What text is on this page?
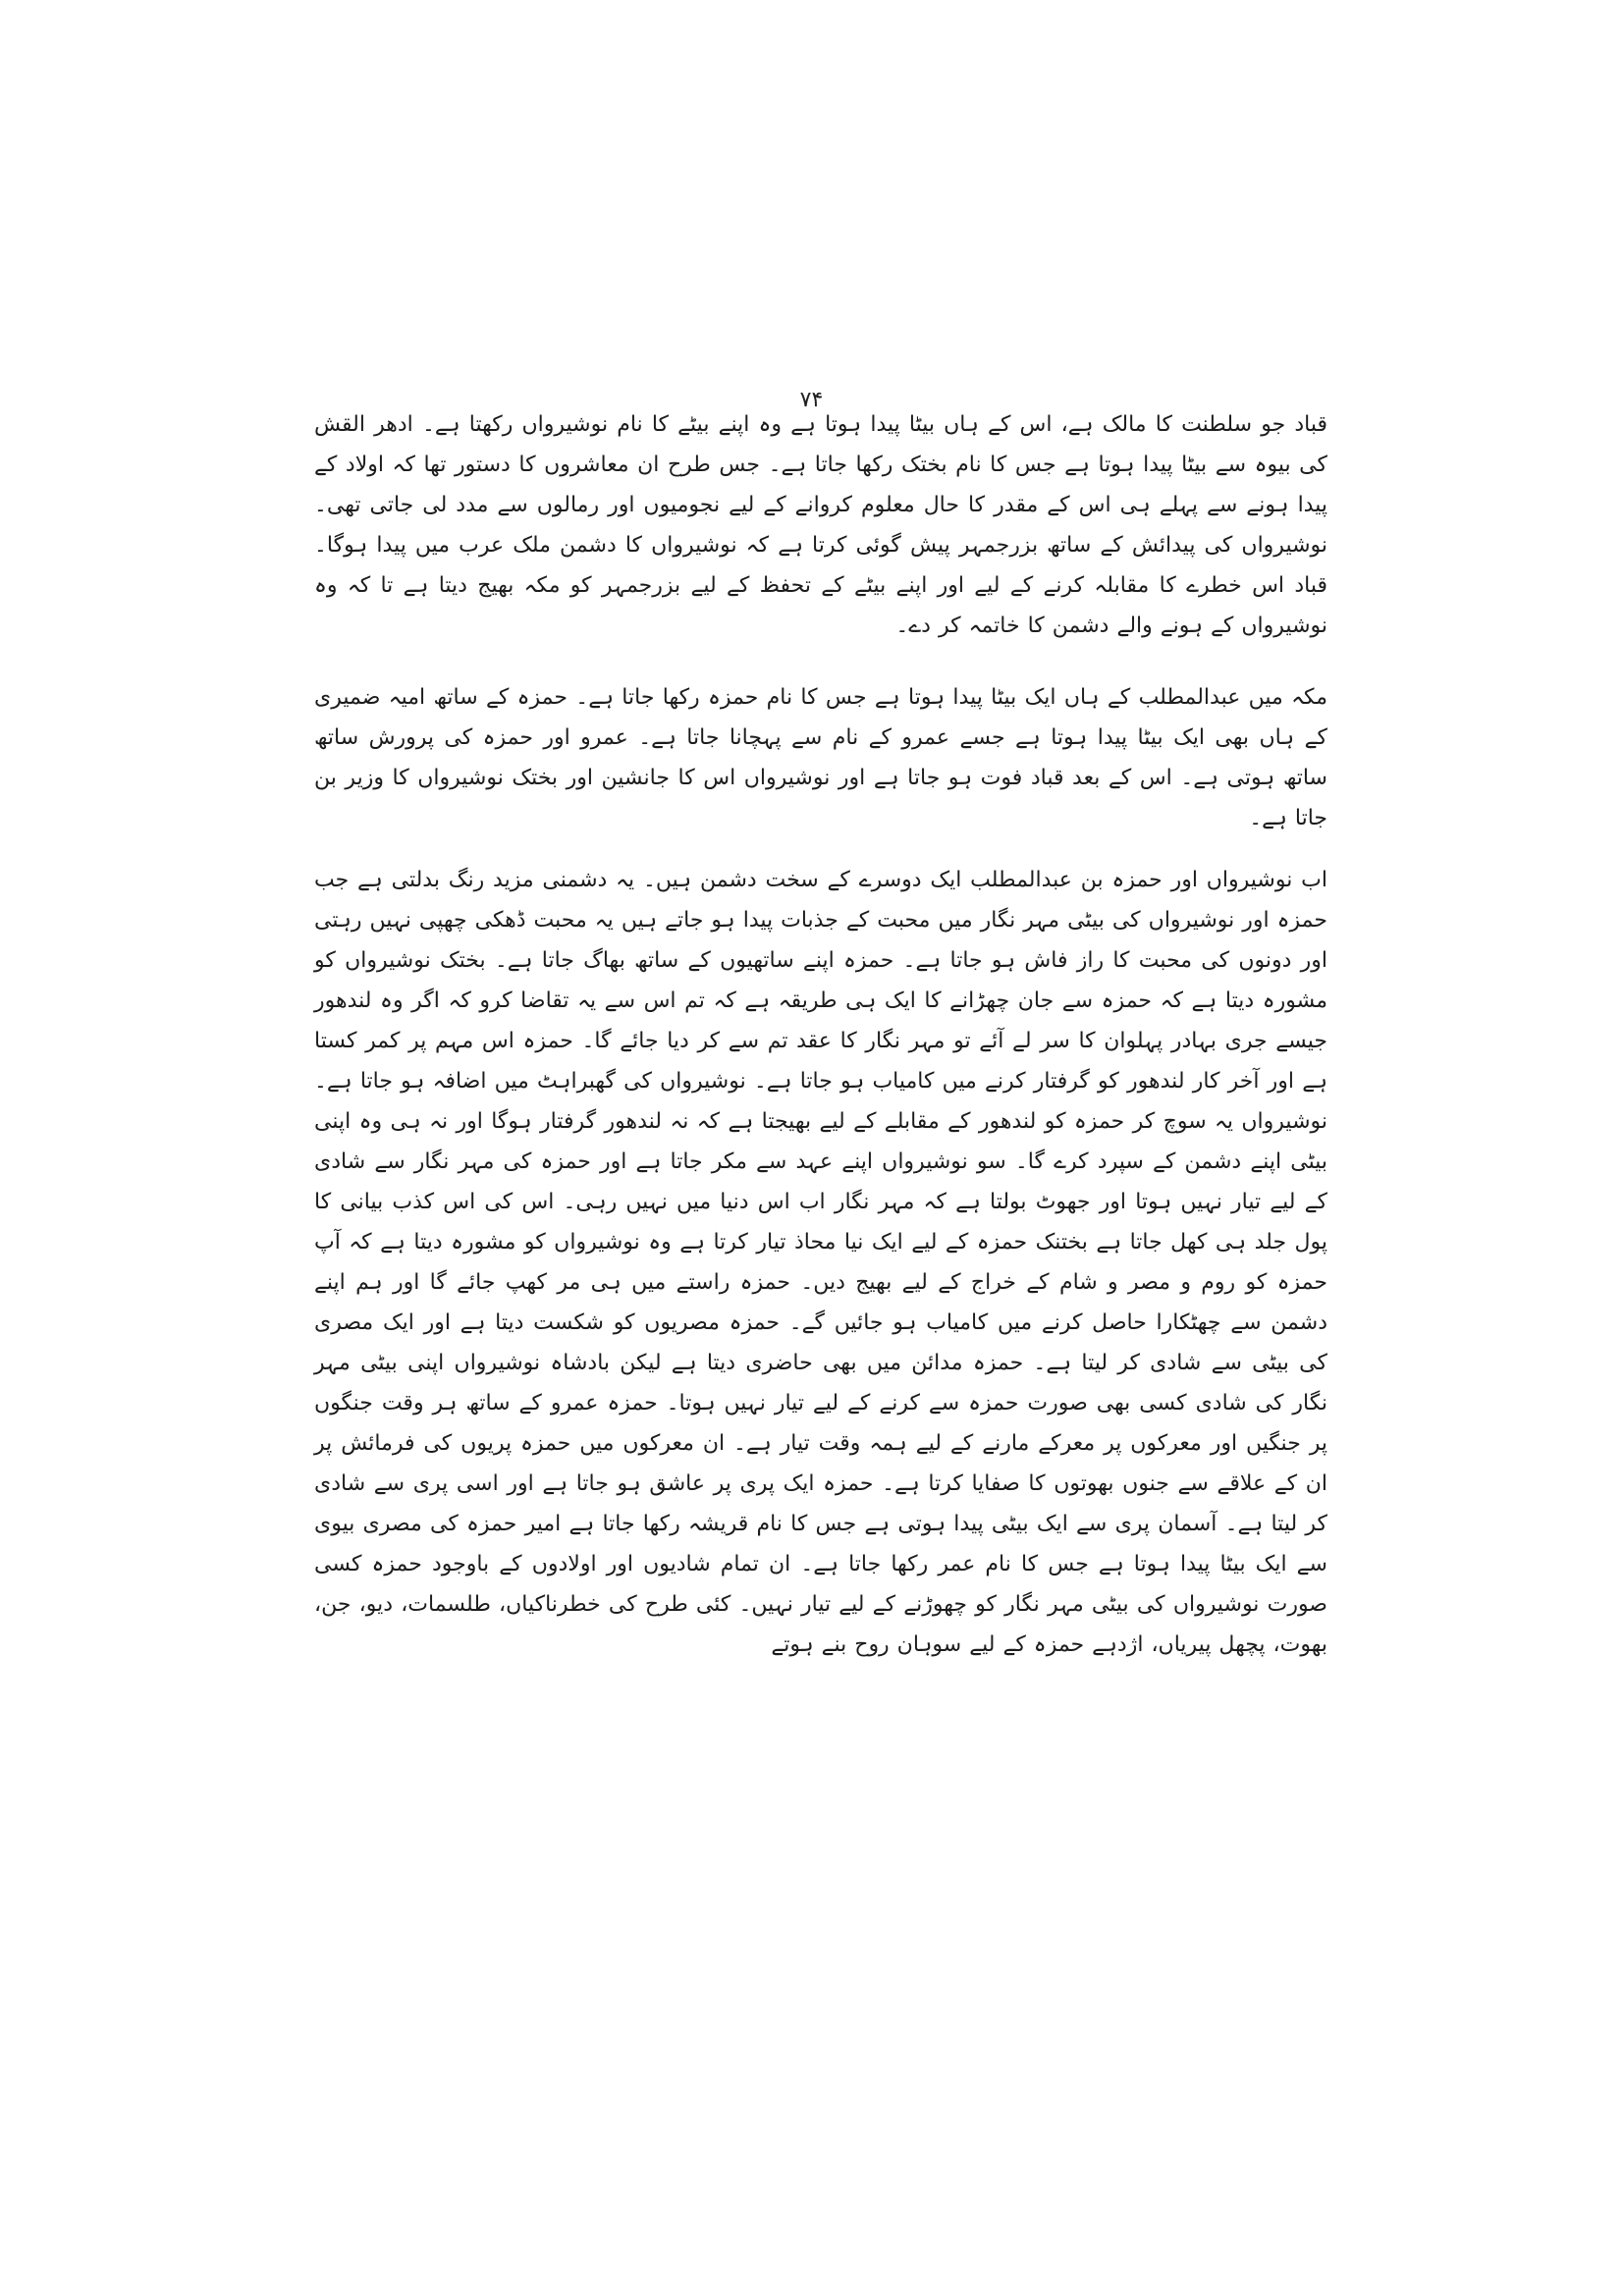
۷۴

قباد جو سلطنت کا مالک ہے، اس کے ہاں بیٹا پیدا ہوتا ہے وہ اپنے بیٹے کا نام نوشیرواں رکھتا ہے۔ ادھر القش کی بیوہ سے بیٹا پیدا ہوتا ہے جس کا نام بختک رکھا جاتا ہے۔ جس طرح ان معاشروں کا دستور تھا کہ اولاد کے پیدا ہونے سے پہلے ہی اس کے مقدر کا حال معلوم کروانے کے لیے نجومیوں اور رمالوں سے مدد لی جاتی تھی۔ نوشیرواں کی پیدائش کے ساتھ بزرجمہر پیش گوئی کرتا ہے کہ نوشیرواں کا دشمن ملک عرب میں پیدا ہوگا۔ قباد اس خطرے کا مقابلہ کرنے کے لیے اور اپنے بیٹے کے تحفظ کے لیے بزرجمہر کو مکہ بھیج دیتا ہے تا کہ وہ نوشیرواں کے ہونے والے دشمن کا خاتمہ کر دے۔

مکہ میں عبدالمطلب کے ہاں ایک بیٹا پیدا ہوتا ہے جس کا نام حمزہ رکھا جاتا ہے۔ حمزہ کے ساتھ امیہ ضمیری کے ہاں بھی ایک بیٹا پیدا ہوتا ہے جسے عمرو کے نام سے پہچانا جاتا ہے۔ عمرو اور حمزہ کی پرورش ساتھ ساتھ ہوتی ہے۔ اس کے بعد قباد فوت ہو جاتا ہے اور نوشیرواں اس کا جانشین اور بختک نوشیرواں کا وزیر بن جاتا ہے۔

اب نوشیرواں اور حمزہ بن عبدالمطلب ایک دوسرے کے سخت دشمن ہیں۔ یہ دشمنی مزید رنگ بدلتی ہے جب حمزہ اور نوشیرواں کی بیٹی مہر نگار میں محبت کے جذبات پیدا ہو جاتے ہیں یہ محبت ڈھکی چھپی نہیں رہتی اور دونوں کی محبت کا راز فاش ہو جاتا ہے۔ حمزہ اپنے ساتھیوں کے ساتھ بھاگ جاتا ہے۔ بختک نوشیرواں کو مشورہ دیتا ہے کہ حمزہ سے جان چھڑانے کا ایک ہی طریقہ ہے کہ تم اس سے یہ تقاضا کرو کہ اگر وہ لندھور جیسے جری بہادر پہلوان کا سر لے آئے تو مہر نگار کا عقد تم سے کر دیا جائے گا۔ حمزہ اس مہم پر کمر کستا ہے اور آخر کار لندھور کو گرفتار کرنے میں کامیاب ہو جاتا ہے۔ نوشیرواں کی گھبراہٹ میں اضافہ ہو جاتا ہے۔ نوشیرواں یہ سوچ کر حمزہ کو لندھور کے مقابلے کے لیے بھیجتا ہے کہ نہ لندھور گرفتار ہوگا اور نہ ہی وہ اپنی بیٹی اپنے دشمن کے سپرد کرے گا۔ سو نوشیرواں اپنے عہد سے مکر جاتا ہے اور حمزہ کی مہر نگار سے شادی کے لیے تیار نہیں ہوتا اور جھوٹ بولتا ہے کہ مہر نگار اب اس دنیا میں نہیں رہی۔ اس کی اس کذب بیانی کا پول جلد ہی کھل جاتا ہے بختنک حمزہ کے لیے ایک نیا محاذ تیار کرتا ہے وہ نوشیرواں کو مشورہ دیتا ہے کہ آپ حمزہ کو روم و مصر و شام کے خراج کے لیے بھیج دیں۔ حمزہ راستے میں ہی مر کھپ جائے گا اور ہم اپنے دشمن سے چھٹکارا حاصل کرنے میں کامیاب ہو جائیں گے۔ حمزہ مصریوں کو شکست دیتا ہے اور ایک مصری کی بیٹی سے شادی کر لیتا ہے۔ حمزہ مدائن میں بھی حاضری دیتا ہے لیکن بادشاہ نوشیرواں اپنی بیٹی مہر نگار کی شادی کسی بھی صورت حمزہ سے کرنے کے لیے تیار نہیں ہوتا۔ حمزہ عمرو کے ساتھ ہر وقت جنگوں پر جنگیں اور معرکوں پر معرکے مارنے کے لیے ہمہ وقت تیار ہے۔ ان معرکوں میں حمزہ پریوں کی فرمائش پر ان کے علاقے سے جنوں بھوتوں کا صفایا کرتا ہے۔ حمزہ ایک پری پر عاشق ہو جاتا ہے اور اسی پری سے شادی کر لیتا ہے۔ آسمان پری سے ایک بیٹی پیدا ہوتی ہے جس کا نام قریشہ رکھا جاتا ہے امیر حمزہ کی مصری بیوی سے ایک بیٹا پیدا ہوتا ہے جس کا نام عمر رکھا جاتا ہے۔ ان تمام شادیوں اور اولادوں کے باوجود حمزہ کسی صورت نوشیرواں کی بیٹی مہر نگار کو چھوڑنے کے لیے تیار نہیں۔ کئی طرح کی خطرناکیاں، طلسمات، دیو، جن، بھوت، پچھل پیریاں، اژدہے حمزہ کے لیے سوہان روح بنے ہوتے
